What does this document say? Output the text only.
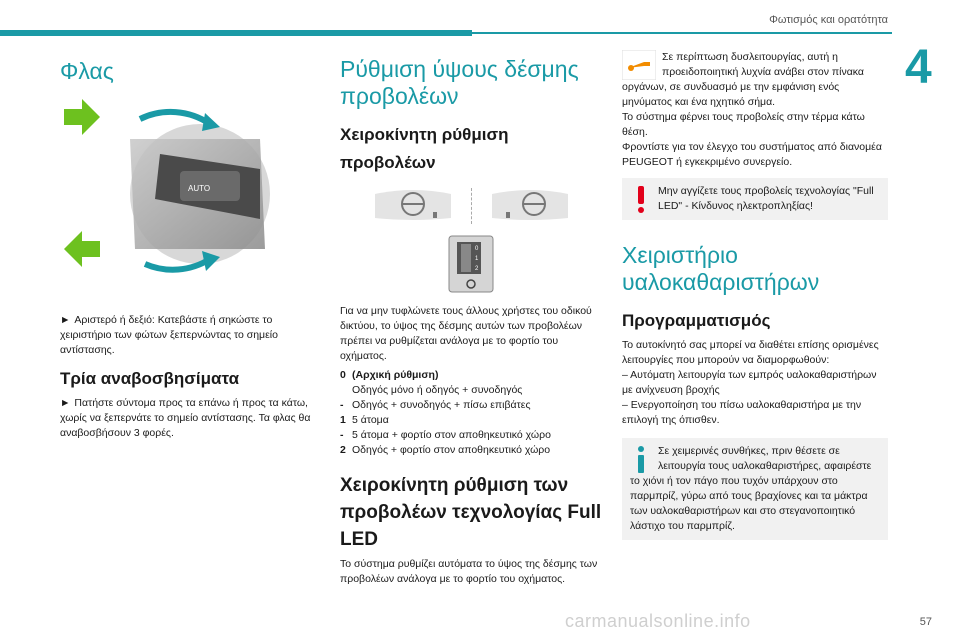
Φωτισμός και ορατότητα
4
Φλας
AUTO

► Αριστερό ή δεξιό: Κατεβάστε ή σηκώστε το χειριστήριο των φώτων ξεπερνώντας το σημείο αντίστασης.

Τρία αναβοσβησίματα

► Πατήστε σύντομα προς τα επάνω ή προς τα κάτω, χωρίς να ξεπερνάτε το σημείο αντίστασης. Τα φλας θα αναβοσβήσουν 3 φορές.

Ρύθμιση ύψους δέσμης
προβολέων
Χειροκίνητη ρύθμιση
προβολέων
0
1
2

Για να μην τυφλώνετε τους άλλους χρήστες του οδικού δικτύου, το ύψος της δέσμης αυτών των προβολέων πρέπει να ρυθμίζεται ανάλογα με το φορτίο του οχήματος.

0 (Αρχική ρύθμιση)
Οδηγός μόνο ή οδηγός + συνοδηγός
- Οδηγός + συνοδηγός + πίσω επιβάτες
1 5 άτομα
- 5 άτομα + φορτίο στον αποθηκευτικό χώρο
2 Οδηγός + φορτίο στον αποθηκευτικό χώρο
Χειροκίνητη ρύθμιση των
προβολέων τεχνολογίας Full
LED

Το σύστημα ρυθμίζει αυτόματα το ύψος της δέσμης των προβολέων ανάλογα με το φορτίο του οχήματος.

Σε περίπτωση δυσλειτουργίας, αυτή η προειδοποιητική λυχνία ανάβει στον πίνακα οργάνων, σε συνδυασμό με την εμφάνιση ενός μηνύματος και ένα ηχητικό σήμα.

Το σύστημα φέρνει τους προβολείς στην τέρμα κάτω θέση.

Φροντίστε για τον έλεγχο του συστήματος από διανομέα PEUGEOT ή εγκεκριμένο συνεργείο.

Μην αγγίζετε τους προβολείς τεχνολογίας "Full LED" - Κίνδυνος ηλεκτροπληξίας!
Χειριστήριο
υαλοκαθαριστήρων
Προγραμματισμός

Το αυτοκίνητό σας μπορεί να διαθέτει επίσης ορισμένες λειτουργίες που μπορούν να διαμορφωθούν:

– Αυτόματη λειτουργία των εμπρός υαλοκαθαριστήρων με ανίχνευση βροχής

– Ενεργοποίηση του πίσω υαλοκαθαριστήρα με την επιλογή της όπισθεν.

Σε χειμερινές συνθήκες, πριν θέσετε σε λειτουργία τους υαλοκαθαριστήρες, αφαιρέστε το χιόνι ή τον πάγο που τυχόν υπάρχουν στο παρμπρίζ, γύρω από τους βραχίονες και τα μάκτρα των υαλοκαθαριστήρων και στο στεγανοποιητικό λάστιχο του παρμπρίζ.
carmanualsonline.info	57
